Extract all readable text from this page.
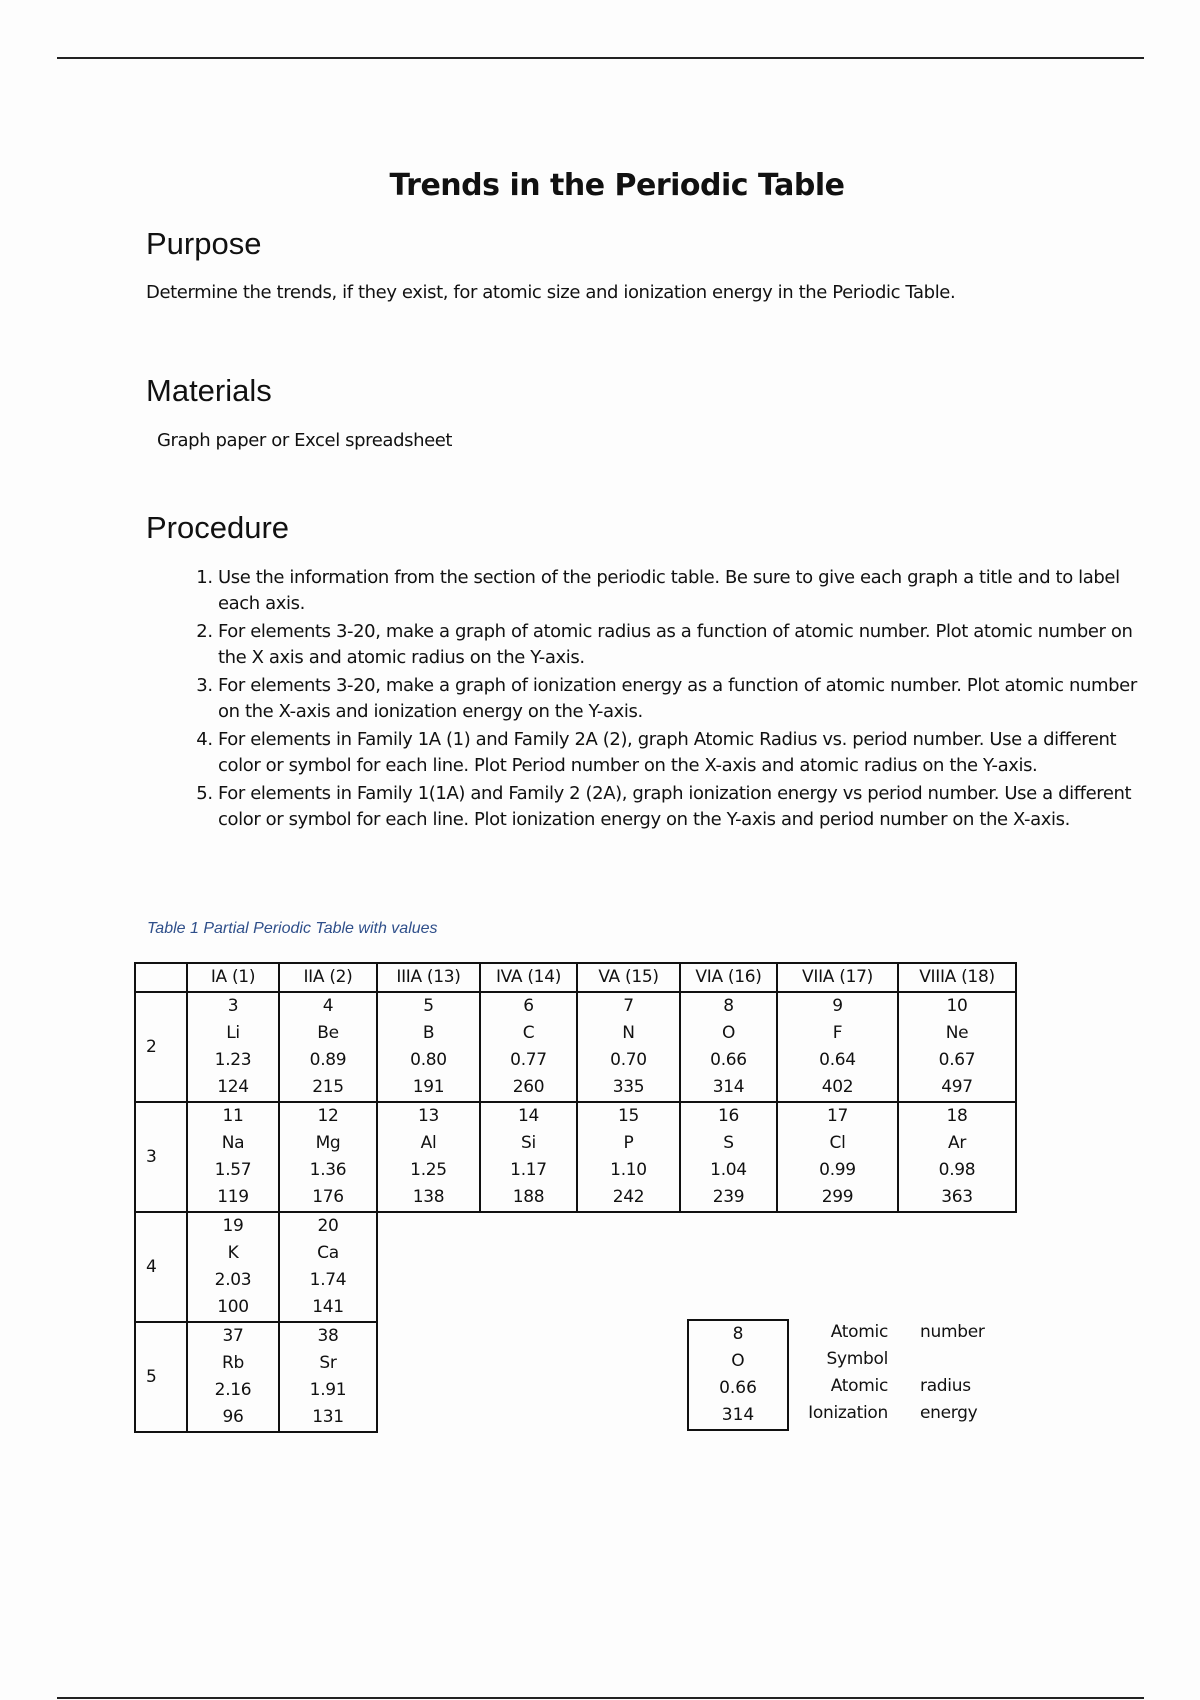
Trends in the Periodic Table
Purpose
Determine the trends, if they exist, for atomic size and ionization energy in the Periodic Table.
Materials
Graph paper or Excel spreadsheet
Procedure
1. Use the information from the section of the periodic table. Be sure to give each graph a title and to label each axis.
2. For elements 3-20, make a graph of atomic radius as a function of atomic number. Plot atomic number on the X axis and atomic radius on the Y-axis.
3. For elements 3-20, make a graph of ionization energy as a function of atomic number. Plot atomic number on the X-axis and ionization energy on the Y-axis.
4. For elements in Family 1A (1) and Family 2A (2), graph Atomic Radius vs. period number. Use a different color or symbol for each line. Plot Period number on the X-axis and atomic radius on the Y-axis.
5. For elements in Family 1(1A) and Family 2 (2A), graph ionization energy vs period number. Use a different color or symbol for each line. Plot ionization energy on the Y-axis and period number on the X-axis.
Table 1 Partial Periodic Table with values
	IA (1)	IIA (2)	IIIA (13)	IVA (14)	VA (15)	VIA (16)	VIIA (17)	VIIIA (18)
2	3	4	5	6	7	8	9	10
	Li	Be	B	C	N	O	F	Ne
	1.23	0.89	0.80	0.77	0.70	0.66	0.64	0.67
	124	215	191	260	335	314	402	497
3	11	12	13	14	15	16	17	18
	Na	Mg	Al	Si	P	S	Cl	Ar
	1.57	1.36	1.25	1.17	1.10	1.04	0.99	0.98
	119	176	138	188	242	239	299	363
4	19	20						
	K	Ca						
	2.03	1.74						
	100	141						
5	37	38						
	Rb	Sr						
	2.16	1.91						
	96	131						
8
O
0.66
314
Atomic number
Symbol
Atomic radius
Ionization energy
